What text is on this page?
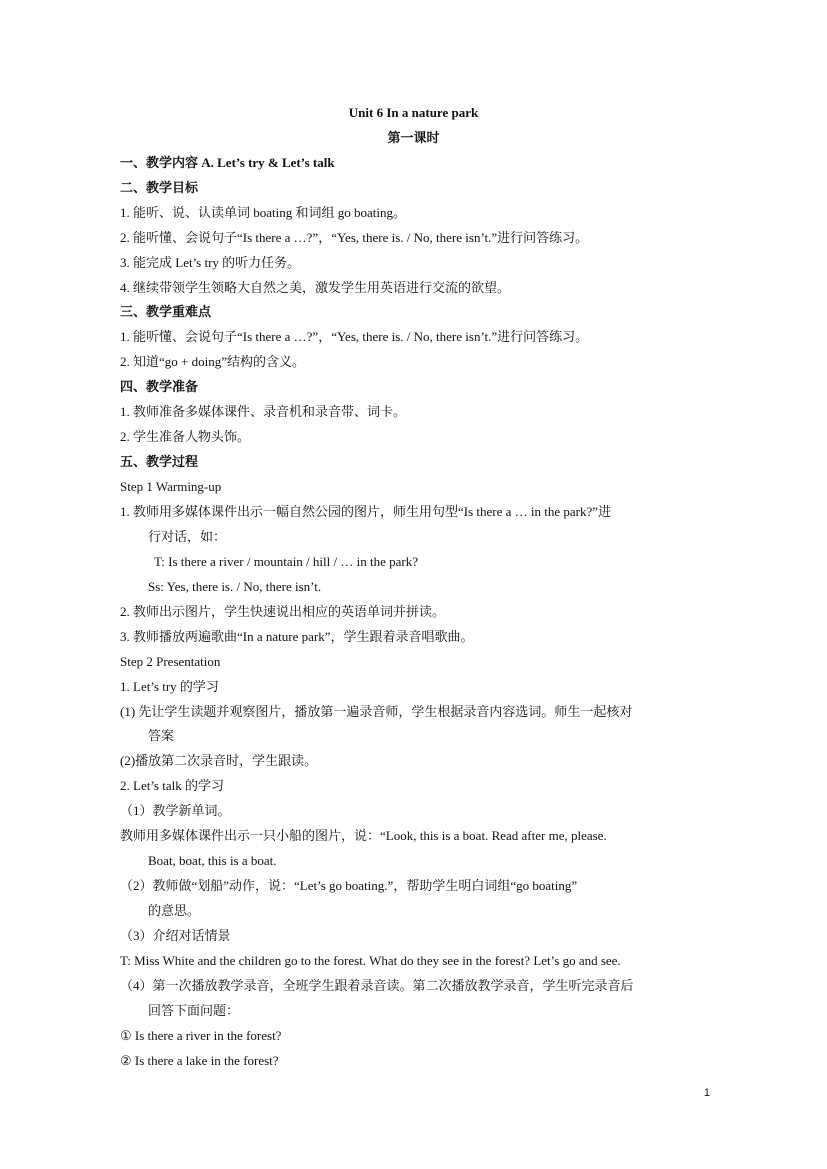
Unit 6 In a nature park
第一课时
一、教学内容 A. Let’s try & Let’s talk
二、教学目标
1. 能听、说、认读单词 boating 和词组 go boating。
2. 能听懂、会说句子“Is there a …?”，“Yes, there is. / No, there isn’t.”进行问答练习。
3. 能完成 Let’s try 的听力任务。
4. 继续带领学生领略大自然之美，激发学生用英语进行交流的欲望。
三、教学重难点
1. 能听懂、会说句子“Is there a …?”，“Yes, there is. / No, there isn’t.”进行问答练习。
2. 知道“go + doing”结构的含义。
四、教学准备
1. 教师准备多媒体课件、录音机和录音带、词卡。
2. 学生准备人物头饰。
五、教学过程
Step 1 Warming-up
1. 教师用多媒体课件出示一幅自然公园的图片，师生用句型“Is there a … in the park?”进
行对话，如：
T: Is there a river / mountain / hill / … in the park?
Ss: Yes, there is. / No, there isn’t.
2. 教师出示图片，学生快速说出相应的英语单词并拼读。
3. 教师播放两遍歌曲“In a nature park”，学生跟着录音唱歌曲。
Step 2 Presentation
1. Let’s try 的学习
(1) 先让学生读题并观察图片，播放第一遍录音师，学生根据录音内容选词。师生一起核对
答案
(2)播放第二次录音时，学生跟读。
2. Let’s talk 的学习
（1）教学新单词。
教师用多媒体课件出示一只小船的图片，说：“Look, this is a boat. Read after me, please.
Boat, boat, this is a boat.
（2）教师做“划船”动作，说：“Let’s go boating.”，帮助学生明白词组“go boating”
的意思。
（3）介绍对话情景
T: Miss White and the children go to the forest. What do they see in the forest? Let’s go and see.
（4）第一次播放教学录音，全班学生跟着录音读。第二次播放教学录音，学生听完录音后
回答下面问题：
① Is there a river in the forest?
② Is there a lake in the forest?
1
